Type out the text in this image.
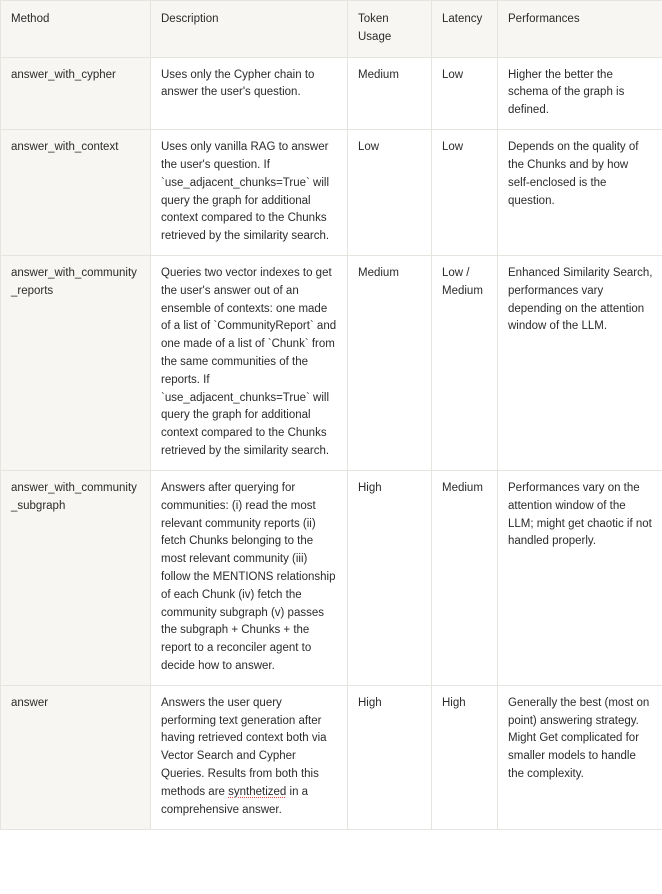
Method	Description	Token Usage	Latency	Performances
answer_with_cypher	Uses only the Cypher chain to answer the user's question.	Medium	Low	Higher the better the schema of the graph is defined.
answer_with_context	Uses only vanilla RAG to answer the user's question. If `use_adjacent_chunks=True` will query the graph for additional context compared to the Chunks retrieved by the similarity search.	Low	Low	Depends on the quality of the Chunks and by how self-enclosed is the question.
answer_with_community_reports	Queries two vector indexes to get the user's answer out of an ensemble of contexts: one made of a list of `CommunityReport` and one made of a list of `Chunk` from the same communities of the reports. If `use_adjacent_chunks=True` will query the graph for additional context compared to the Chunks retrieved by the similarity search.	Medium	Low / Medium	Enhanced Similarity Search, performances vary depending on the attention window of the LLM.
answer_with_community_subgraph	Answers after querying for communities: (i) read the most relevant community reports (ii) fetch Chunks belonging to the most relevant community (iii) follow the MENTIONS relationship of each Chunk (iv) fetch the community subgraph (v) passes the subgraph + Chunks + the report to a reconciler agent to decide how to answer.	High	Medium	Performances vary on the attention window of the LLM; might get chaotic if not handled properly.
answer	Answers the user query performing text generation after having retrieved context both via Vector Search and Cypher Queries. Results from both this methods are synthetized in a comprehensive answer.	High	High	Generally the best (most on point) answering strategy. Might Get complicated for smaller models to handle the complexity.
